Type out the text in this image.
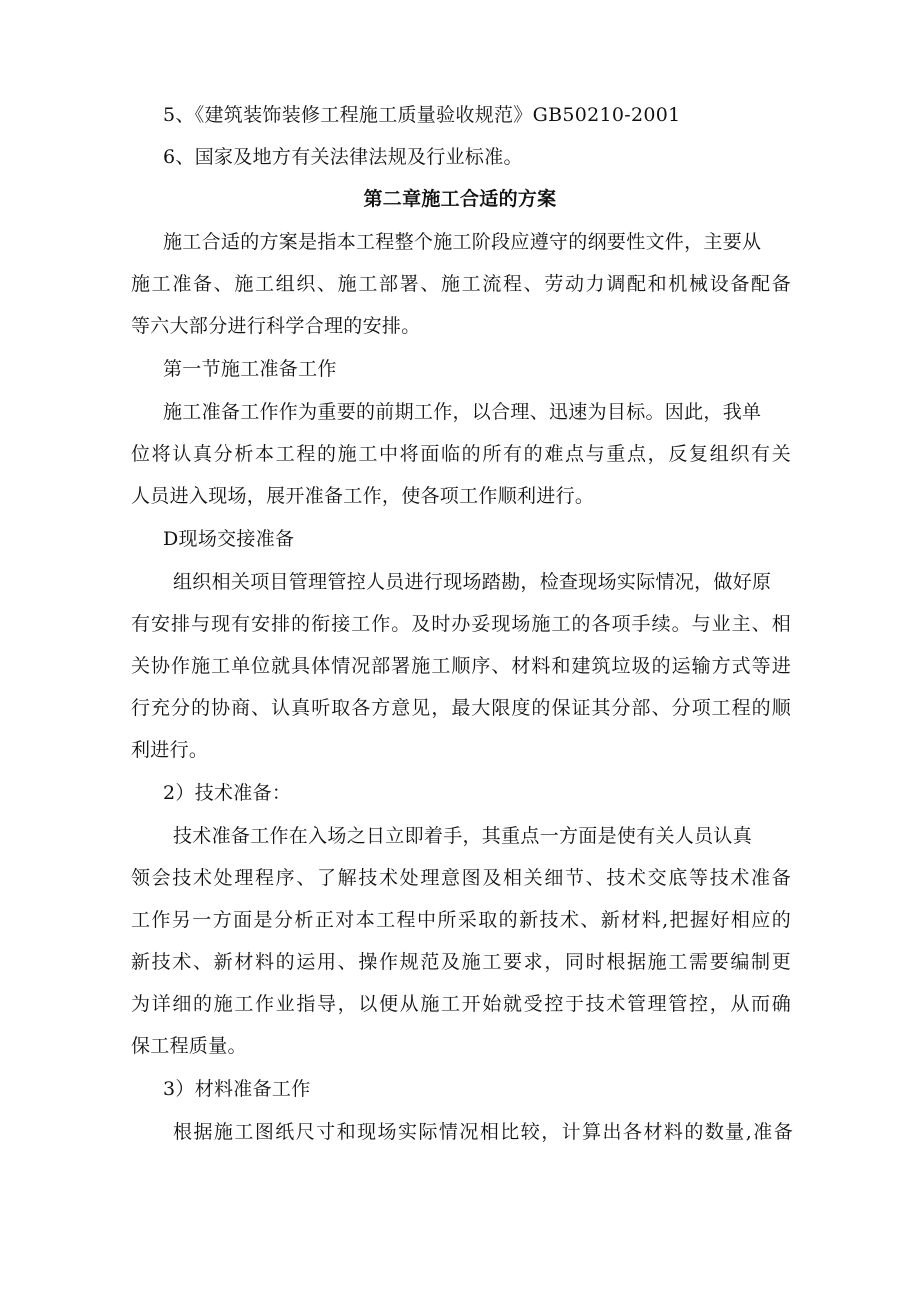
5、《建筑装饰装修工程施工质量验收规范》GB50210-2001
6、国家及地方有关法律法规及行业标准。
第二章施工合适的方案
施工合适的方案是指本工程整个施工阶段应遵守的纲要性文件，主要从
施工准备、施工组织、施工部署、施工流程、劳动力调配和机械设备配备
等六大部分进行科学合理的安排。
第一节施工准备工作
施工准备工作作为重要的前期工作，以合理、迅速为目标。因此，我单
位将认真分析本工程的施工中将面临的所有的难点与重点，反复组织有关
人员进入现场，展开准备工作，使各项工作顺利进行。
D现场交接准备
组织相关项目管理管控人员进行现场踏勘，检查现场实际情况，做好原
有安排与现有安排的衔接工作。及时办妥现场施工的各项手续。与业主、相
关协作施工单位就具体情况部署施工顺序、材料和建筑垃圾的运输方式等进
行充分的协商、认真听取各方意见，最大限度的保证其分部、分项工程的顺
利进行。
2）技术准备：
技术准备工作在入场之日立即着手，其重点一方面是使有关人员认真
领会技术处理程序、了解技术处理意图及相关细节、技术交底等技术准备
工作另一方面是分析正对本工程中所采取的新技术、新材料,把握好相应的
新技术、新材料的运用、操作规范及施工要求，同时根据施工需要编制更
为详细的施工作业指导，以便从施工开始就受控于技术管理管控，从而确
保工程质量。
3）材料准备工作
根据施工图纸尺寸和现场实际情况相比较，计算出各材料的数量,准备
